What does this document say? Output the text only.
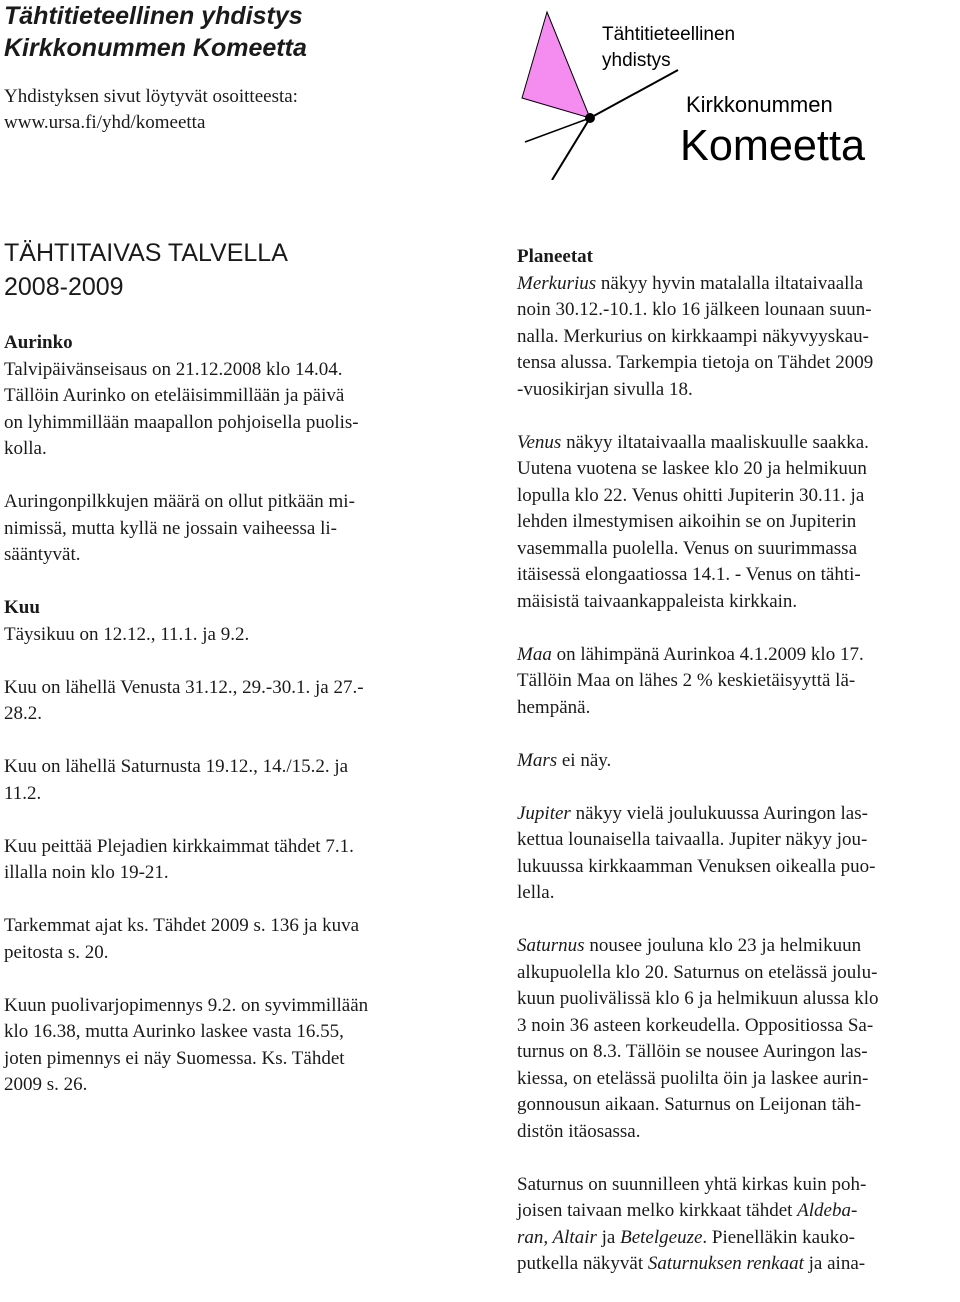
Tähtitieteellinen yhdistys
Kirkkonummen Komeetta
Yhdistyksen sivut löytyvät osoitteesta:
www.ursa.fi/yhd/komeetta
Tähtitieteellinen
yhdistys
Kirkkonummen
Komeetta
TÄHTITAIVAS TALVELLA
2008-2009
Aurinko

Talvipäivänseisaus on 21.12.2008 klo 14.04.
Tällöin Aurinko on eteläisimmillään ja päivä
on lyhimmillään maapallon pohjoisella puolis-
kolla.

Auringonpilkkujen määrä on ollut pitkään mi-
nimissä, mutta kyllä ne jossain vaiheessa li-
sääntyvät.

Kuu

Täysikuu on 12.12., 11.1. ja 9.2.

Kuu on lähellä Venusta 31.12., 29.-30.1. ja 27.-
28.2.

Kuu on lähellä Saturnusta 19.12., 14./15.2. ja
11.2.

Kuu peittää Plejadien kirkkaimmat tähdet 7.1.
illalla noin klo 19-21.

Tarkemmat ajat ks. Tähdet 2009 s. 136 ja kuva
peitosta s. 20.

Kuun puolivarjopimennys 9.2. on syvimmillään
klo 16.38, mutta Aurinko laskee vasta 16.55,
joten pimennys ei näy Suomessa. Ks. Tähdet
2009 s. 26.

Planeetat

Merkurius näkyy hyvin matalalla iltataivaalla
noin 30.12.-10.1. klo 16 jälkeen lounaan suun-
nalla. Merkurius on kirkkaampi näkyvyyskau-
tensa alussa. Tarkempia tietoja on Tähdet 2009
-vuosikirjan sivulla 18.

Venus näkyy iltataivaalla maaliskuulle saakka.
Uutena vuotena se laskee klo 20 ja helmikuun
lopulla klo 22. Venus ohitti Jupiterin 30.11. ja
lehden ilmestymisen aikoihin se on Jupiterin
vasemmalla puolella. Venus on suurimmassa
itäisessä elongaatiossa 14.1. - Venus on tähti-
mäisistä taivaankappaleista kirkkain.

Maa on lähimpänä Aurinkoa 4.1.2009 klo 17.
Tällöin Maa on lähes 2 % keskietäisyyttä lä-
hempänä.

Mars ei näy.

Jupiter näkyy vielä joulukuussa Auringon las-
kettua lounaisella taivaalla. Jupiter näkyy jou-
lukuussa kirkkaamman Venuksen oikealla puo-
lella.

Saturnus nousee jouluna klo 23 ja helmikuun
alkupuolella klo 20. Saturnus on etelässä joulu-
kuun puolivälissä klo 6 ja helmikuun alussa klo
3 noin 36 asteen korkeudella. Oppositiossa Sa-
turnus on 8.3. Tällöin se nousee Auringon las-
kiessa, on etelässä puolilta öin ja laskee aurin-
gonnousun aikaan. Saturnus on Leijonan täh-
distön itäosassa.

Saturnus on suunnilleen yhtä kirkas kuin poh-
joisen taivaan melko kirkkaat tähdet Aldeba-
ran, Altair ja Betelgeuze. Pienelläkin kauko-
putkella näkyvät Saturnuksen renkaat ja aina-
